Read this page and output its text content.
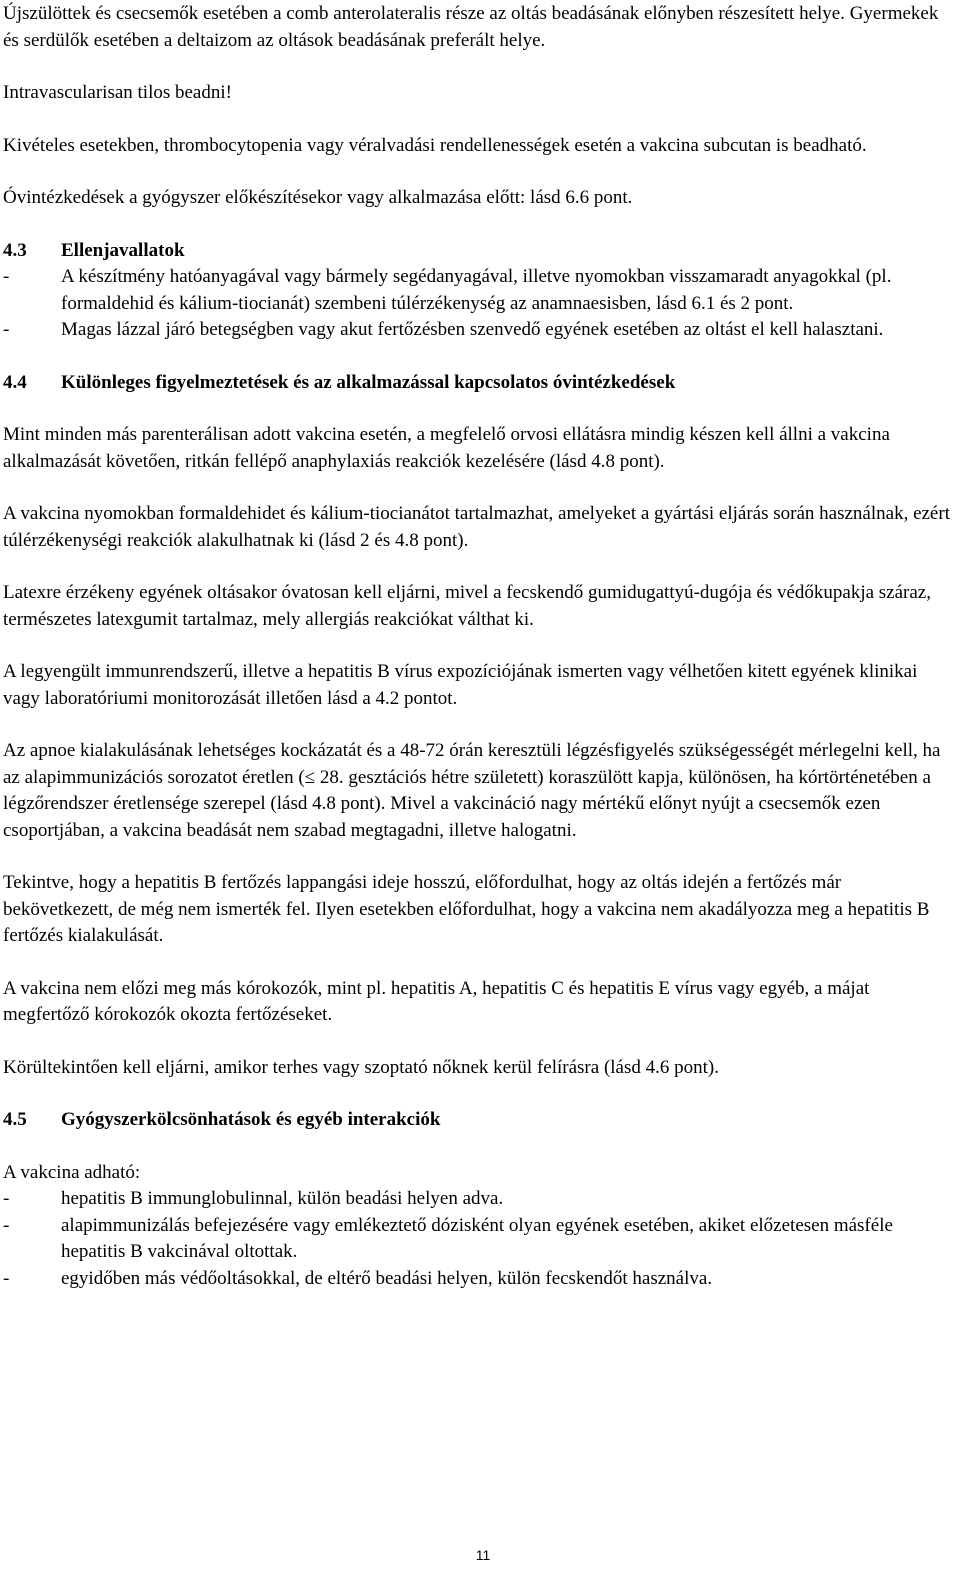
Újszülöttek és csecsemők esetében a comb anterolateralis része az oltás beadásának előnyben részesített helye. Gyermekek és serdülők esetében a deltaizom az oltások beadásának preferált helye.

Intravascularisan tilos beadni!

Kivételes esetekben, thrombocytopenia vagy véralvadási rendellenességek esetén a vakcina subcutan is beadható.

Óvintézkedések a gyógyszer előkészítésekor vagy alkalmazása előtt: lásd 6.6 pont.

4.3	Ellenjavallatok
-	A készítmény hatóanyagával vagy bármely segédanyagával, illetve nyomokban visszamaradt anyagokkal (pl. formaldehid és kálium-tiocianát) szembeni túlérzékenység az anamnaesisben, lásd 6.1 és 2 pont.
-	Magas lázzal járó betegségben vagy akut fertőzésben szenvedő egyének esetében az oltást el kell halasztani.
4.4	Különleges figyelmeztetések és az alkalmazással kapcsolatos óvintézkedések

Mint minden más parenterálisan adott vakcina esetén, a megfelelő orvosi ellátásra mindig készen kell állni a vakcina alkalmazását követően, ritkán fellépő anaphylaxiás reakciók kezelésére (lásd 4.8 pont).

A vakcina nyomokban formaldehidet és kálium-tiocianátot tartalmazhat, amelyeket a gyártási eljárás során használnak, ezért túlérzékenységi reakciók alakulhatnak ki (lásd 2 és 4.8 pont).

Latexre érzékeny egyének oltásakor óvatosan kell eljárni, mivel a fecskendő gumidugattyú-dugója és védőkupakja száraz, természetes latexgumit tartalmaz, mely allergiás reakciókat válthat ki.

A legyengült immunrendszerű, illetve a hepatitis B vírus expozíciójának ismerten vagy vélhetően kitett egyének klinikai vagy laboratóriumi monitorozását illetően lásd a 4.2 pontot.

Az apnoe kialakulásának lehetséges kockázatát és a 48-72 órán keresztüli légzésfigyelés szükségességét mérlegelni kell, ha az alapimmunizációs sorozatot éretlen (≤ 28. gesztációs hétre született) koraszülött kapja, különösen, ha kórtörténetében a légzőrendszer éretlensége szerepel (lásd 4.8 pont). Mivel a vakcináció nagy mértékű előnyt nyújt a csecsemők ezen csoportjában, a vakcina beadását nem szabad megtagadni, illetve halogatni.

Tekintve, hogy a hepatitis B fertőzés lappangási ideje hosszú, előfordulhat, hogy az oltás idején a fertőzés már bekövetkezett, de még nem ismerték fel. Ilyen esetekben előfordulhat, hogy a vakcina nem akadályozza meg a hepatitis B fertőzés kialakulását.

A vakcina nem előzi meg más kórokozók, mint pl. hepatitis A, hepatitis C és hepatitis E vírus vagy egyéb, a májat megfertőző kórokozók okozta fertőzéseket.

Körültekintően kell eljárni, amikor terhes vagy szoptató nőknek kerül felírásra (lásd 4.6 pont).

4.5	Gyógyszerkölcsönhatások és egyéb interakciók

A vakcina adható:

-	hepatitis B immunglobulinnal, külön beadási helyen adva.
-	alapimmunizálás befejezésére vagy emlékeztető dózisként olyan egyének esetében, akiket előzetesen másféle hepatitis B vakcinával oltottak.
-	egyidőben más védőoltásokkal, de eltérő beadási helyen, külön fecskendőt használva.
11
